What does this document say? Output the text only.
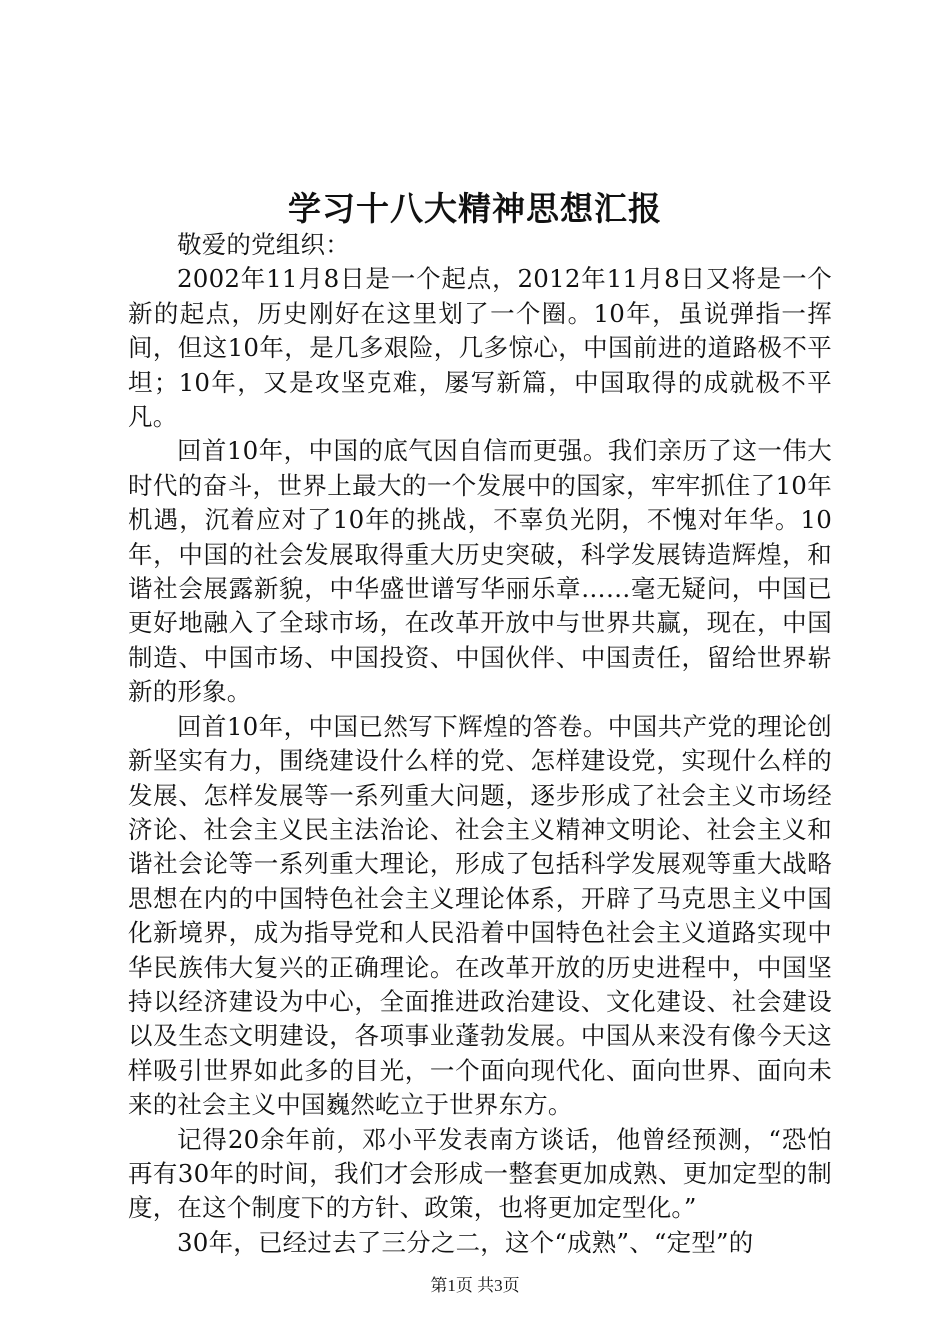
学习十八大精神思想汇报

敬爱的党组织：

2002年11月8日是一个起点，2012年11月8日又将是一个新的起点，历史刚好在这里划了一个圈。10年，虽说弹指一挥间，但这10年，是几多艰险，几多惊心，中国前进的道路极不平坦；10年，又是攻坚克难，屡写新篇，中国取得的成就极不平凡。

回首10年，中国的底气因自信而更强。我们亲历了这一伟大时代的奋斗，世界上最大的一个发展中的国家，牢牢抓住了10年机遇，沉着应对了10年的挑战，不辜负光阴，不愧对年华。10年，中国的社会发展取得重大历史突破，科学发展铸造辉煌，和谐社会展露新貌，中华盛世谱写华丽乐章……毫无疑问，中国已更好地融入了全球市场，在改革开放中与世界共赢，现在，中国制造、中国市场、中国投资、中国伙伴、中国责任，留给世界崭新的形象。

回首10年，中国已然写下辉煌的答卷。中国共产党的理论创新坚实有力，围绕建设什么样的党、怎样建设党，实现什么样的发展、怎样发展等一系列重大问题，逐步形成了社会主义市场经济论、社会主义民主法治论、社会主义精神文明论、社会主义和谐社会论等一系列重大理论，形成了包括科学发展观等重大战略思想在内的中国特色社会主义理论体系，开辟了马克思主义中国化新境界，成为指导党和人民沿着中国特色社会主义道路实现中华民族伟大复兴的正确理论。在改革开放的历史进程中，中国坚持以经济建设为中心，全面推进政治建设、文化建设、社会建设以及生态文明建设，各项事业蓬勃发展。中国从来没有像今天这样吸引世界如此多的目光，一个面向现代化、面向世界、面向未来的社会主义中国巍然屹立于世界东方。

记得20余年前，邓小平发表南方谈话，他曾经预测，“恐怕再有30年的时间，我们才会形成一整套更加成熟、更加定型的制度，在这个制度下的方针、政策，也将更加定型化。”

30年，已经过去了三分之二，这个“成熟”、“定型”的

第1页 共3页
